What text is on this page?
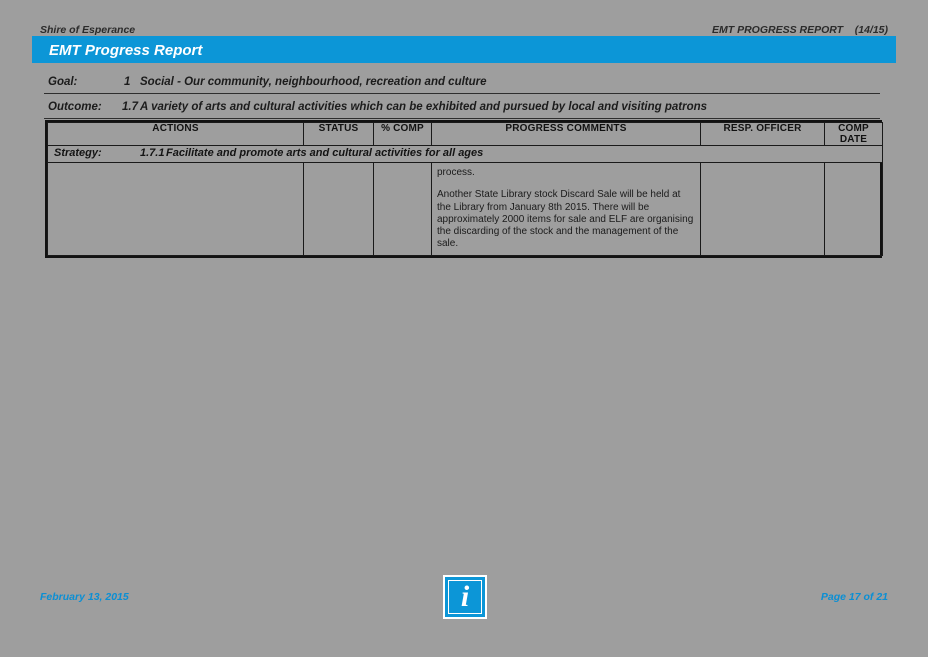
Shire of Esperance	EMT PROGRESS REPORT    (14/15)
EMT Progress Report
Goal:	1 Social - Our community, neighbourhood, recreation and culture
Outcome: 1.7 A variety of arts and cultural activities which can be exhibited and pursued by local and visiting patrons
ACTIONS	STATUS	% COMP	PROGRESS COMMENTS	RESP. OFFICER	COMP DATE

Strategy: 1.7.1 Facilitate and promote arts and cultural activities for all ages					

			process.

Another State Library stock Discard Sale will be held at the Library from January 8th 2015. There will be approximately 2000 items for sale and ELF are organising the discarding of the stock and the management of the sale.		

February 13, 2015	Page 17 of 21
i
